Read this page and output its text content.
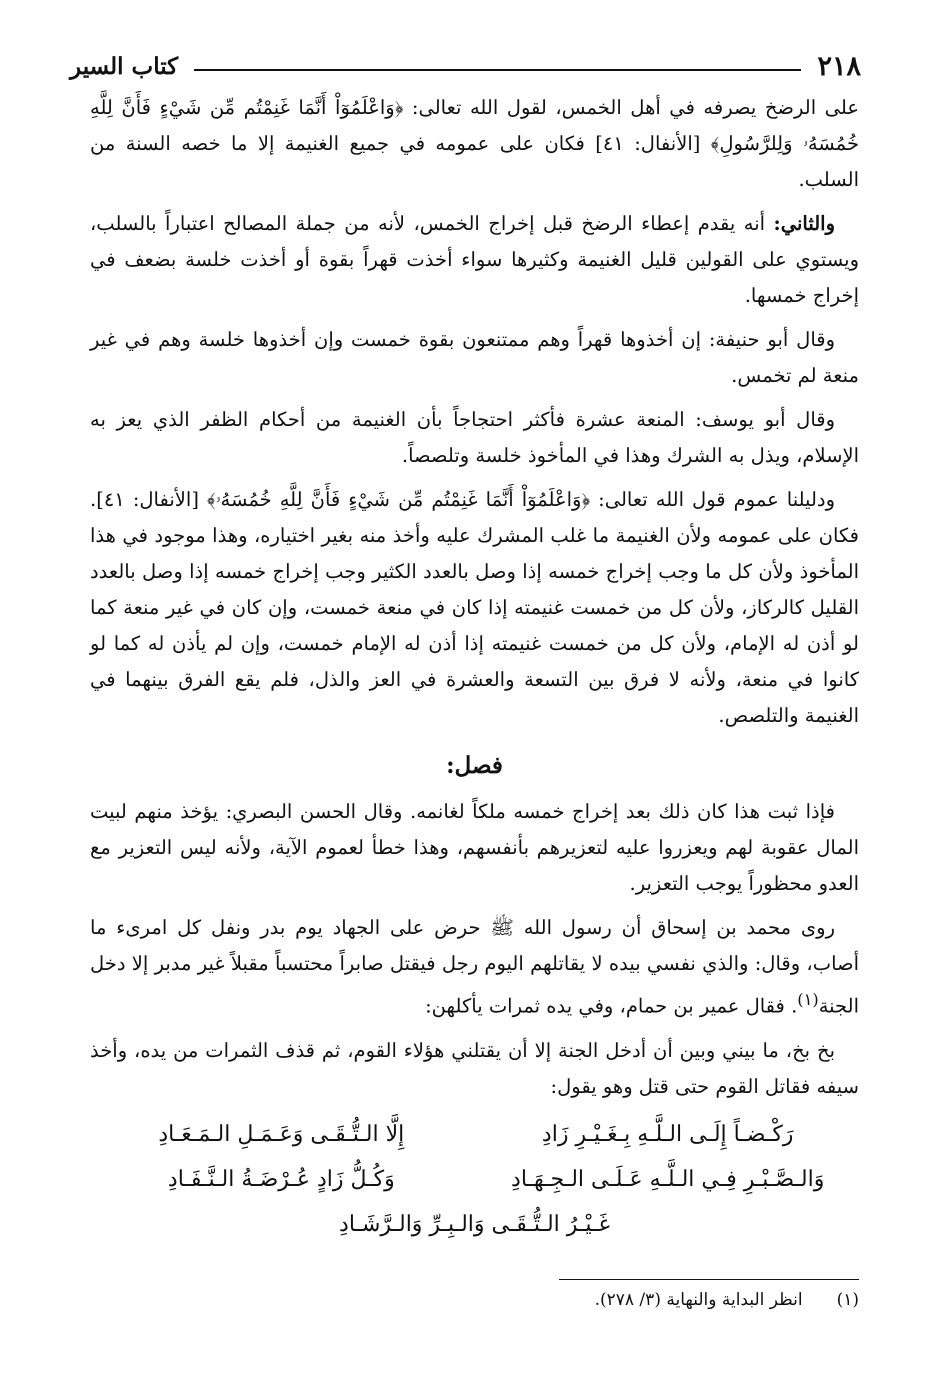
٢١٨
كتاب السير

على الرضخ يصرفه في أهل الخمس، لقول الله تعالى: ﴿وَاعْلَمُوٓاْ أَنَّمَا غَنِمْتُم مِّن شَيْءٍ فَأَنَّ لِلَّهِ خُمُسَهُۥ وَلِلرَّسُولِ﴾ [الأنفال: ٤١] فكان على عمومه في جميع الغنيمة إلا ما خصه السنة من السلب.

والثاني: أنه يقدم إعطاء الرضخ قبل إخراج الخمس، لأنه من جملة المصالح اعتباراً بالسلب، ويستوي على القولين قليل الغنيمة وكثيرها سواء أخذت قهراً بقوة أو أخذت خلسة بضعف في إخراج خمسها.

وقال أبو حنيفة: إن أخذوها قهراً وهم ممتنعون بقوة خمست وإن أخذوها خلسة وهم في غير منعة لم تخمس.

وقال أبو يوسف: المنعة عشرة فأكثر احتجاجاً بأن الغنيمة من أحكام الظفر الذي يعز به الإسلام، ويذل به الشرك وهذا في المأخوذ خلسة وتلصصاً.

ودليلنا عموم قول الله تعالى: ﴿وَاعْلَمُوٓاْ أَنَّمَا غَنِمْتُم مِّن شَيْءٍ فَأَنَّ لِلَّهِ خُمُسَهُۥ﴾ [الأنفال: ٤١]. فكان على عمومه ولأن الغنيمة ما غلب المشرك عليه وأخذ منه بغير اختياره، وهذا موجود في هذا المأخوذ ولأن كل ما وجب إخراج خمسه إذا وصل بالعدد الكثير وجب إخراج خمسه إذا وصل بالعدد القليل كالركاز، ولأن كل من خمست غنيمته إذا كان في منعة خمست، وإن كان في غير منعة كما لو أذن له الإمام، ولأن كل من خمست غنيمته إذا أذن له الإمام خمست، وإن لم يأذن له كما لو كانوا في منعة، ولأنه لا فرق بين التسعة والعشرة في العز والذل، فلم يقع الفرق بينهما في الغنيمة والتلصص.

فصل:

فإذا ثبت هذا كان ذلك بعد إخراج خمسه ملكاً لغانمه. وقال الحسن البصري: يؤخذ منهم لبيت المال عقوبة لهم ويعزروا عليه لتعزيرهم بأنفسهم، وهذا خطأ لعموم الآية، ولأنه ليس التعزير مع العدو محظوراً يوجب التعزير.

روى محمد بن إسحاق أن رسول الله ﷺ حرض على الجهاد يوم بدر ونفل كل امرىء ما أصاب، وقال: والذي نفسي بيده لا يقاتلهم اليوم رجل فيقتل صابراً محتسباً مقبلاً غير مدبر إلا دخل الجنة$^{(١)}$. فقال عمير بن حمام، وفي يده ثمرات يأكلهن:

بخ بخ، ما بيني وبين أن أدخل الجنة إلا أن يقتلني هؤلاء القوم، ثم قذف الثمرات من يده، وأخذ سيفه فقاتل القوم حتى قتل وهو يقول:

رَكْـضـاً إِلَـى الـلَّـهِ بِـغَـيْـرِ زَادِ
إِلَّا الـتُّـقَـى وَعَـمَـلِ الـمَـعَـادِ
وَالـصَّـبْـرِ فِـي الـلَّـهِ عَـلَـى الـجِـهَـادِ
وَكُـلُّ زَادٍ عُـرْضَـةُ الـنَّـفَـادِ
غَـيْـرُ الـتُّـقَـى وَالـبِـرِّ وَالـرَّشَـادِ
(١)انظر البداية والنهاية (٣/ ٢٧٨).
